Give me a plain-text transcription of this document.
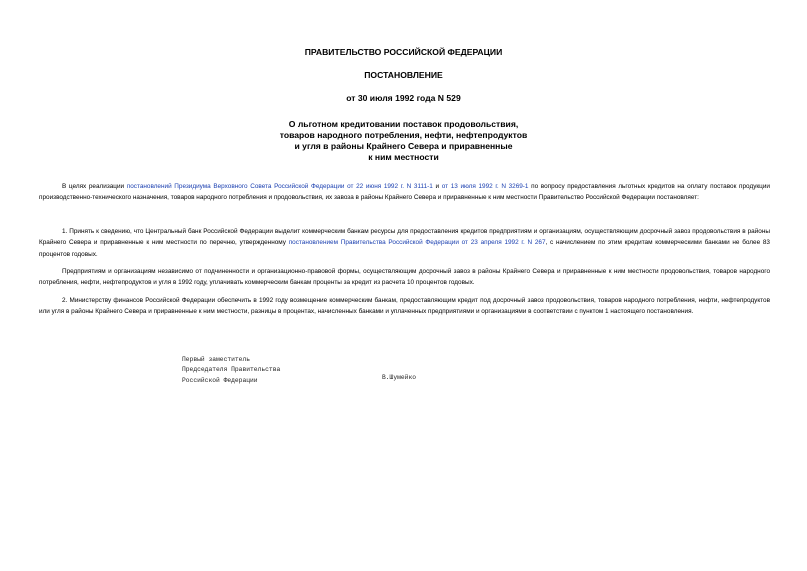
ПРАВИТЕЛЬСТВО РОССИЙСКОЙ ФЕДЕРАЦИИ
ПОСТАНОВЛЕНИЕ
от 30 июля 1992 года N 529
О льготном кредитовании поставок продовольствия,
товаров народного потребления, нефти, нефтепродуктов
и угля в районы Крайнего Севера и приравненные
к ним местности

В целях реализации постановлений Президиума Верховного Совета Российской Федерации от 22 июня 1992 г. N 3111-1 и от 13 июля 1992 г. N 3269-1 по вопросу предоставления льготных кредитов на оплату поставок продукции производственно-технического назначения, товаров народного потребления и продовольствия, их завоза в районы Крайнего Севера и приравненные к ним местности Правительство Российской Федерации постановляет:

1. Принять к сведению, что Центральный банк Российской Федерации выделит коммерческим банкам ресурсы для предоставления кредитов предприятиям и организациям, осуществляющим досрочный завоз продовольствия в районы Крайнего Севера и приравненные к ним местности по перечню, утвержденному постановлением Правительства Российской Федерации от 23 апреля 1992 г. N 267, с начислением по этим кредитам коммерческими банками не более 83 процентов годовых.

Предприятиям и организациям независимо от подчиненности и организационно-правовой формы, осуществляющим досрочный завоз в районы Крайнего Севера и приравненные к ним местности продовольствия, товаров народного потребления, нефти, нефтепродуктов и угля в 1992 году, уплачивать коммерческим банкам проценты за кредит из расчета 10 процентов годовых.

2. Министерству финансов Российской Федерации обеспечить в 1992 году возмещение коммерческим банкам, предоставляющим кредит под досрочный завоз продовольствия, товаров народного потребления, нефти, нефтепродуктов или угля в районы Крайнего Севера и приравненные к ним местности, разницы в процентах, начисленных банками и уплаченных предприятиями и организациями в соответствии с пунктом 1 настоящего постановления.

Первый заместитель
Председателя Правительства
Российской Федерации	В.Шумейко
